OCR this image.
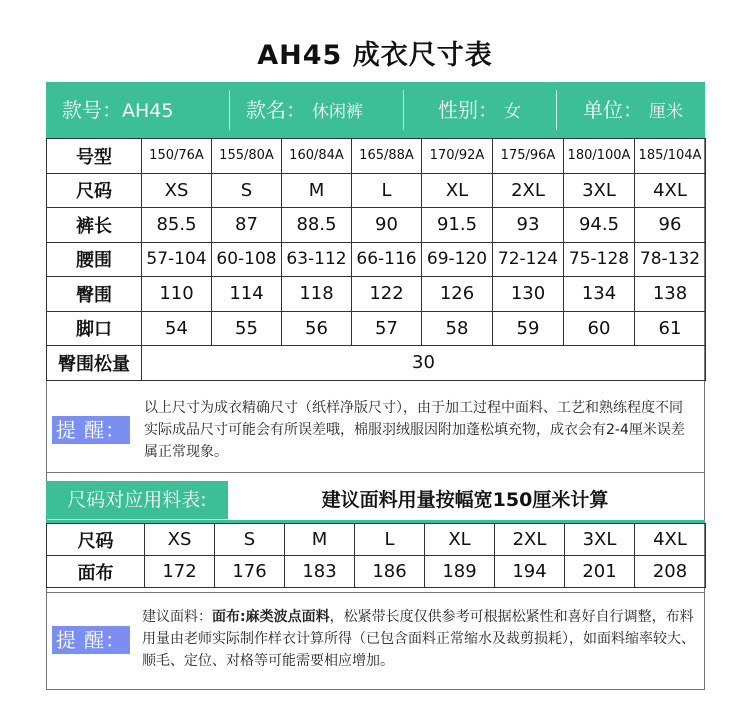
AH45 成衣尺寸表
款号：AH45	款名： 休闲裤	性别： 女	单位： 厘米
号型	150/76A	155/80A	160/84A	165/88A	170/92A	175/96A	180/100A	185/104A
尺码	XS	S	M	L	XL	2XL	3XL	4XL
裤长	85.5	87	88.5	90	91.5	93	94.5	96
腰围	57-104	60-108	63-112	66-116	69-120	72-124	75-128	78-132
臀围	110	114	118	122	126	130	134	138
脚口	54	55	56	57	58	59	60	61
臀围松量	30							
以上尺寸为成衣精确尺寸（纸样净版尺寸），由于加工过程中面料、工艺和熟练程度不同实际成品尺寸可能会有所误差哦，棉服羽绒服因附加蓬松填充物，成衣会有2-4厘米误差属正常现象。
提 醒：
尺码对应用料表:	建议面料用量按幅宽150厘米计算
尺码	XS	S	M	L	XL	2XL	3XL	4XL
面布	172	176	183	186	189	194	201	208
建议面料：面布:麻类波点面料，松紧带长度仅供参考可根据松紧性和喜好自行调整，布料用量由老师实际制作样衣计算所得（已包含面料正常缩水及裁剪损耗），如面料缩率较大、顺毛、定位、对格等可能需要相应增加。
提 醒：
